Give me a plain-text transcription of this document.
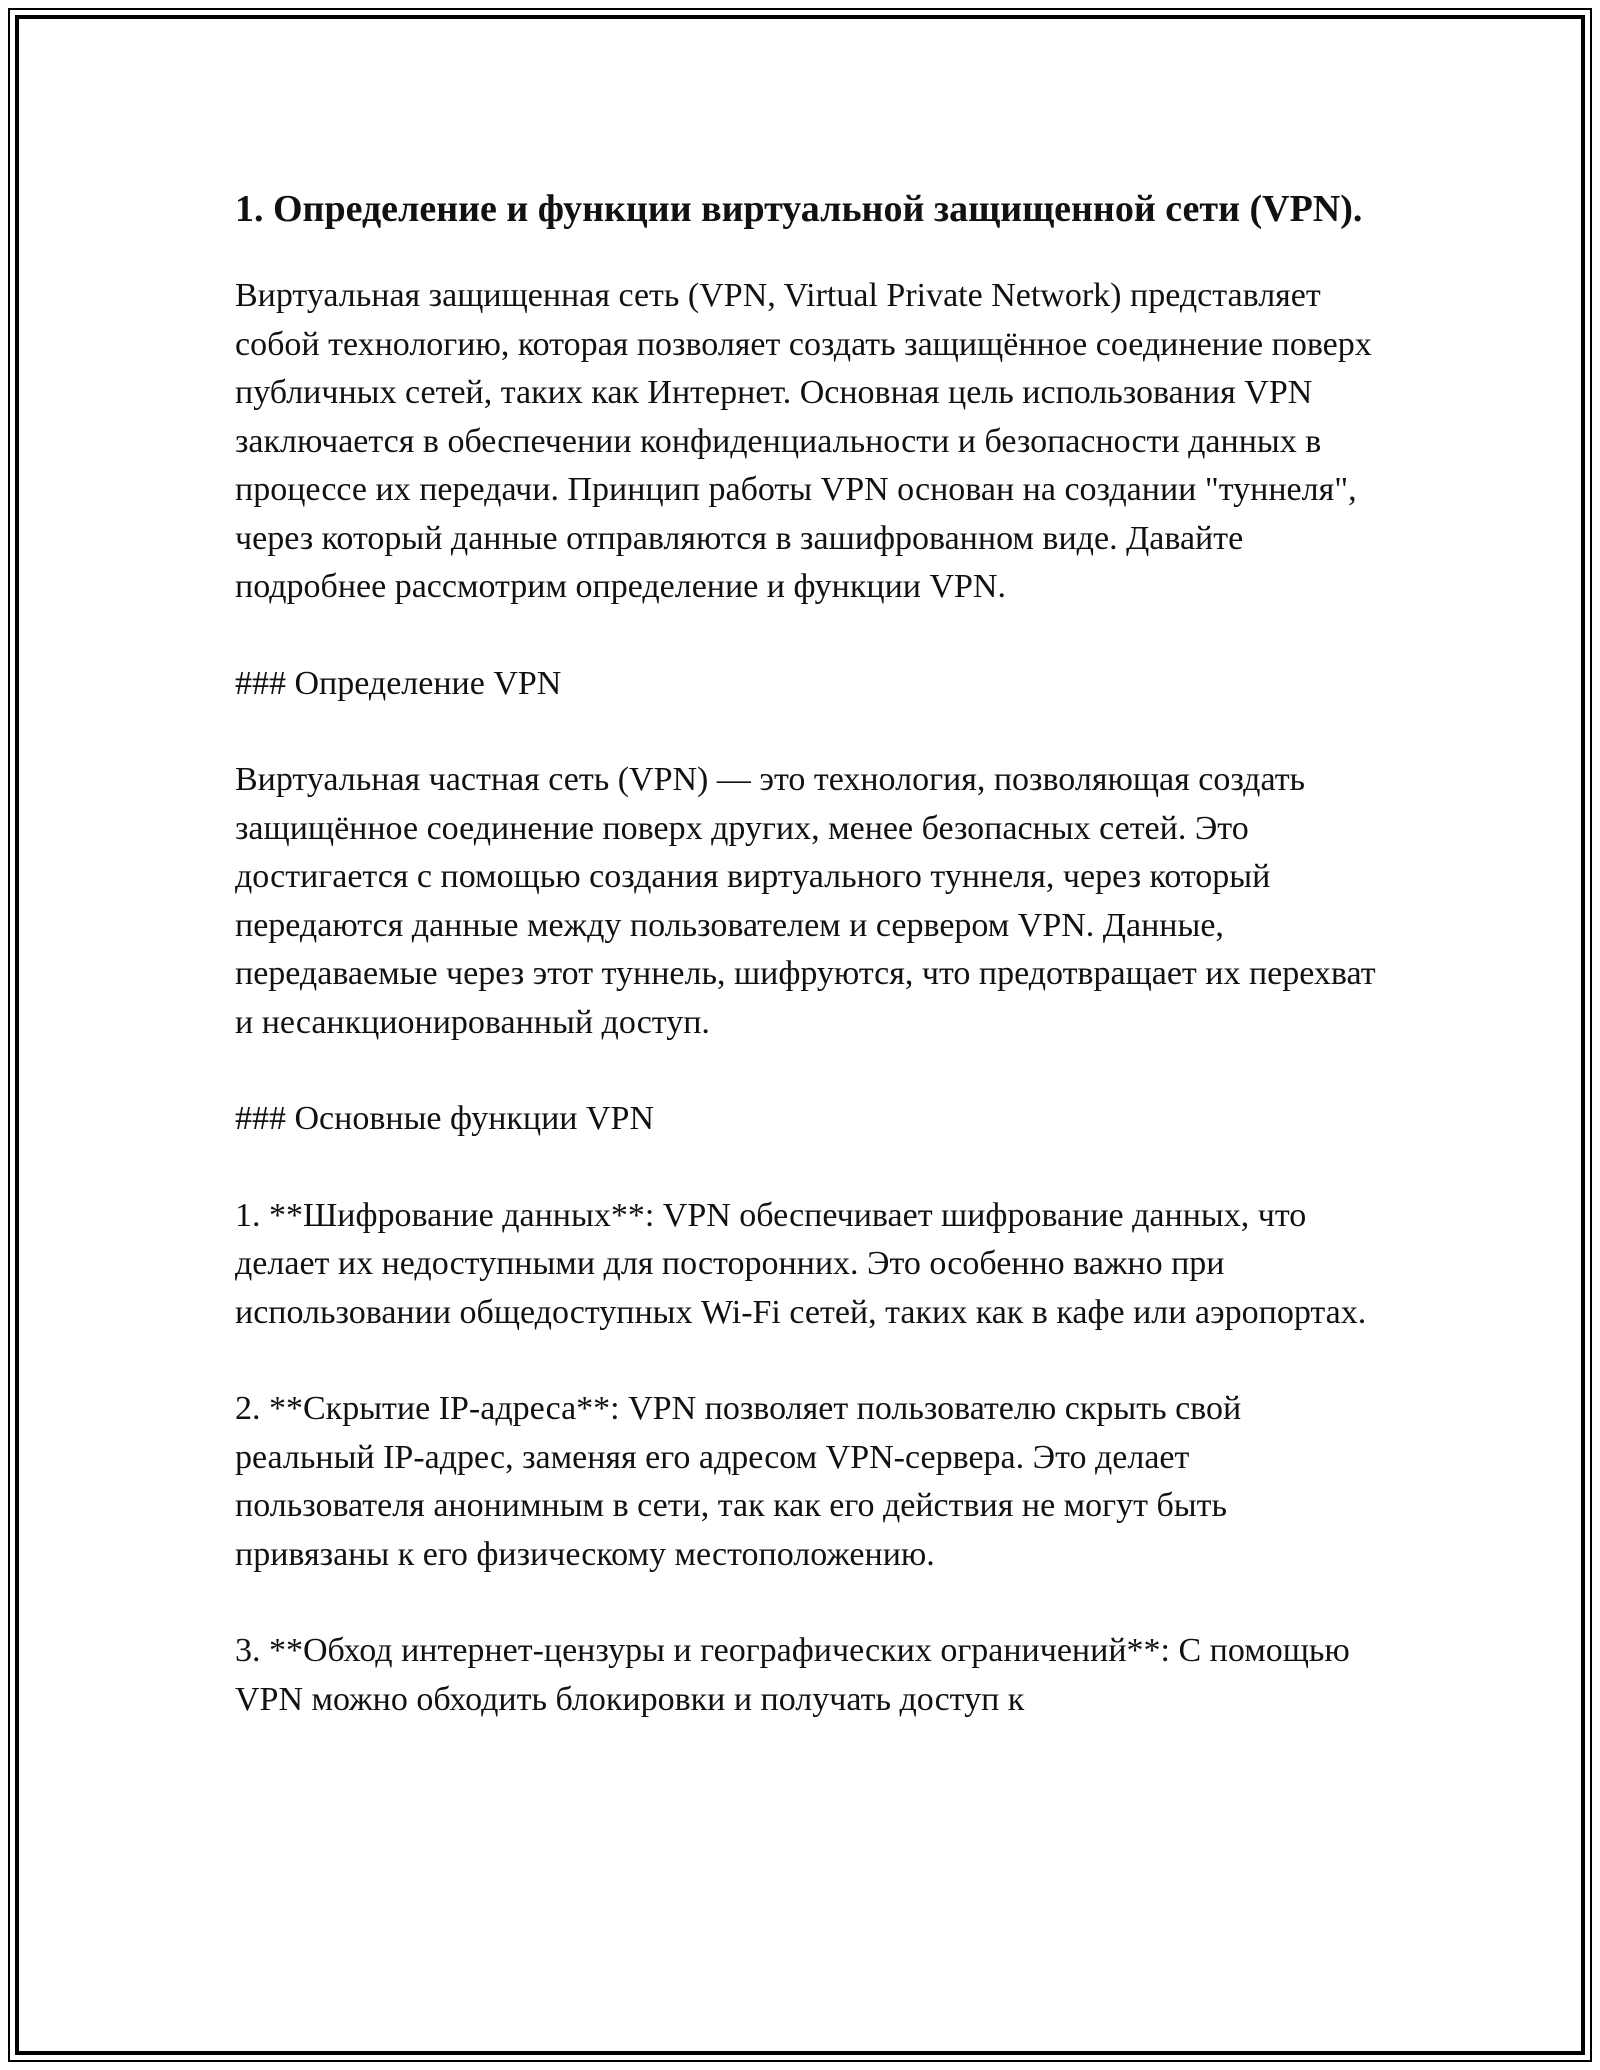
1. Определение и функции виртуальной защищенной сети (VPN).

Виртуальная защищенная сеть (VPN, Virtual Private Network) представляет собой технологию, которая позволяет создать защищённое соединение поверх публичных сетей, таких как Интернет. Основная цель использования VPN заключается в обеспечении конфиденциальности и безопасности данных в процессе их передачи. Принцип работы VPN основан на создании "туннеля", через который данные отправляются в зашифрованном виде. Давайте подробнее рассмотрим определение и функции VPN.

### Определение VPN

Виртуальная частная сеть (VPN) — это технология, позволяющая создать защищённое соединение поверх других, менее безопасных сетей. Это достигается с помощью создания виртуального туннеля, через который передаются данные между пользователем и сервером VPN. Данные, передаваемые через этот туннель, шифруются, что предотвращает их перехват и несанкционированный доступ.

### Основные функции VPN

1. **Шифрование данных**: VPN обеспечивает шифрование данных, что делает их недоступными для посторонних. Это особенно важно при использовании общедоступных Wi-Fi сетей, таких как в кафе или аэропортах.

2. **Скрытие IP-адреса**: VPN позволяет пользователю скрыть свой реальный IP-адрес, заменяя его адресом VPN-сервера. Это делает пользователя анонимным в сети, так как его действия не могут быть привязаны к его физическому местоположению.

3. **Обход интернет-цензуры и географических ограничений**: С помощью VPN можно обходить блокировки и получать доступ к
